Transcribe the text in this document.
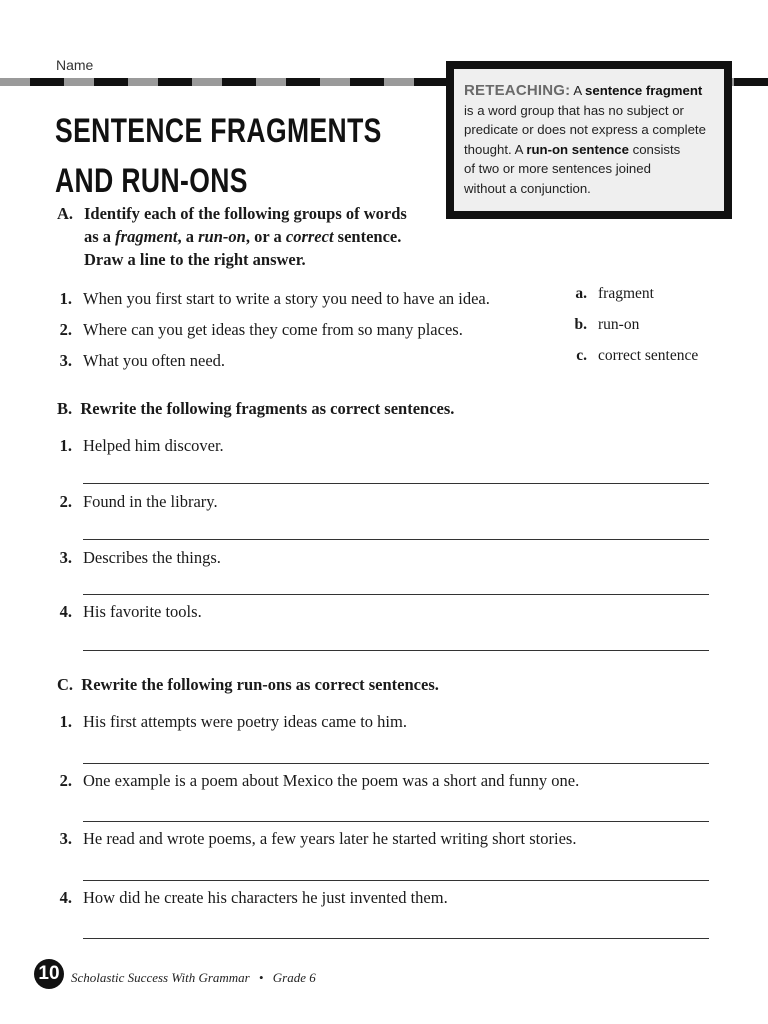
Name
SENTENCE FRAGMENTS
AND RUN-ONS
RETEACHING: A sentence fragment
is a word group that has no subject or
predicate or does not express a complete
thought. A run-on sentence consists
of two or more sentences joined
without a conjunction.
A. Identify each of the following groups of words
as a fragment, a run-on, or a correct sentence.
Draw a line to the right answer.
1. When you first start to write a story you need to have an idea.
2. Where can you get ideas they come from so many places.
3. What you often need.
a. fragment
b. run-on
c. correct sentence
B.  Rewrite the following fragments as correct sentences.
1. Helped him discover.
2. Found in the library.
3. Describes the things.
4. His favorite tools.
C.  Rewrite the following run-ons as correct sentences.
1. His first attempts were poetry ideas came to him.
2. One example is a poem about Mexico the poem was a short and funny one.
3. He read and wrote poems, a few years later he started writing short stories.
4. How did he create his characters he just invented them.
10 Scholastic Success With Grammar • Grade 6
